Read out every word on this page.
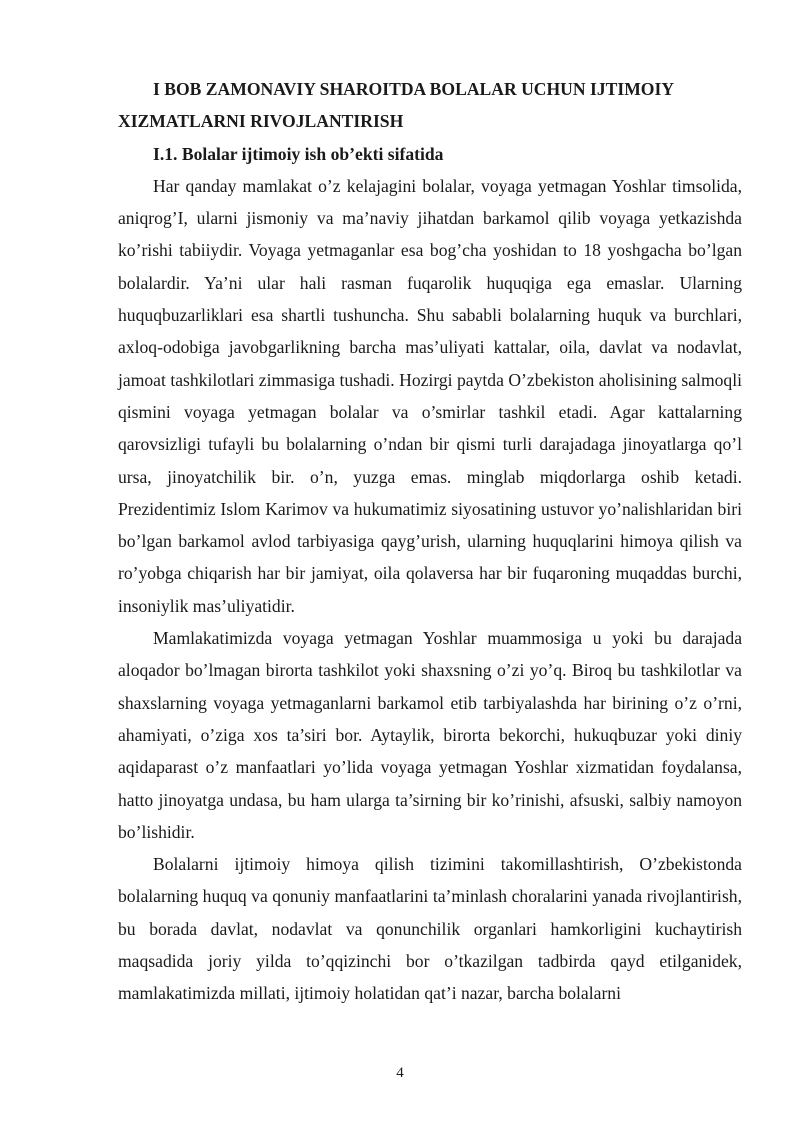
I BOB ZAMONAVIY SHAROITDA BOLALAR UCHUN IJTIMOIY XIZMATLARNI RIVOJLANTIRISH

I.1. Bolalar ijtimoiy ish ob’ekti sifatida

Har qanday mamlakat o’z kelajagini bolalar, voyaga yetmagan Yoshlar timsolida, aniqrog’I, ularni jismoniy va ma’naviy jihatdan barkamol qilib voyaga yetkazishda ko’rishi tabiiydir. Voyaga yetmaganlar esa bog’cha yoshidan to 18 yoshgacha bo’lgan bolalardir. Ya’ni ular hali rasman fuqarolik huquqiga ega emaslar. Ularning huquqbuzarliklari esa shartli tushuncha. Shu sababli bolalarning huquk va burchlari, axloq-odobiga javobgarlikning barcha mas’uliyati kattalar, oila, davlat va nodavlat, jamoat tashkilotlari zimmasiga tushadi. Hozirgi paytda O’zbekiston aholisining salmoqli qismini voyaga yetmagan bolalar va o’smirlar tashkil etadi. Agar kattalarning qarovsizligi tufayli bu bolalarning o’ndan bir qismi turli darajadaga jinoyatlarga qo’l ursa, jinoyatchilik bir. o’n, yuzga emas. minglab miqdorlarga oshib ketadi. Prezidentimiz Islom Karimov va hukumatimiz siyosatining ustuvor yo’nalishlaridan biri bo’lgan barkamol avlod tarbiyasiga qayg’urish, ularning huquqlarini himoya qilish va ro’yobga chiqarish har bir jamiyat, oila qolaversa har bir fuqaroning muqaddas burchi, insoniylik mas’uliyatidir.

Mamlakatimizda voyaga yetmagan Yoshlar muammosiga u yoki bu darajada aloqador bo’lmagan birorta tashkilot yoki shaxsning o’zi yo’q. Biroq bu tashkilotlar va shaxslarning voyaga yetmaganlarni barkamol etib tarbiyalashda har birining o’z o’rni, ahamiyati, o’ziga xos ta’siri bor. Aytaylik, birorta bekorchi, hukuqbuzar yoki diniy aqidaparast o’z manfaatlari yo’lida voyaga yetmagan Yoshlar xizmatidan foydalansa, hatto jinoyatga undasa, bu ham ularga ta’sirning bir ko’rinishi, afsuski, salbiy namoyon bo’lishidir.

Bolalarni ijtimoiy himoya qilish tizimini takomillashtirish, O’zbekistonda bolalarning huquq va qonuniy manfaatlarini ta’minlash choralarini yanada rivojlantirish, bu borada davlat, nodavlat va qonunchilik organlari hamkorligini kuchaytirish maqsadida joriy yilda to’qqizinchi bor o’tkazilgan tadbirda qayd etilganidek, mamlakatimizda millati, ijtimoiy holatidan qat’i nazar, barcha bolalarni

4
